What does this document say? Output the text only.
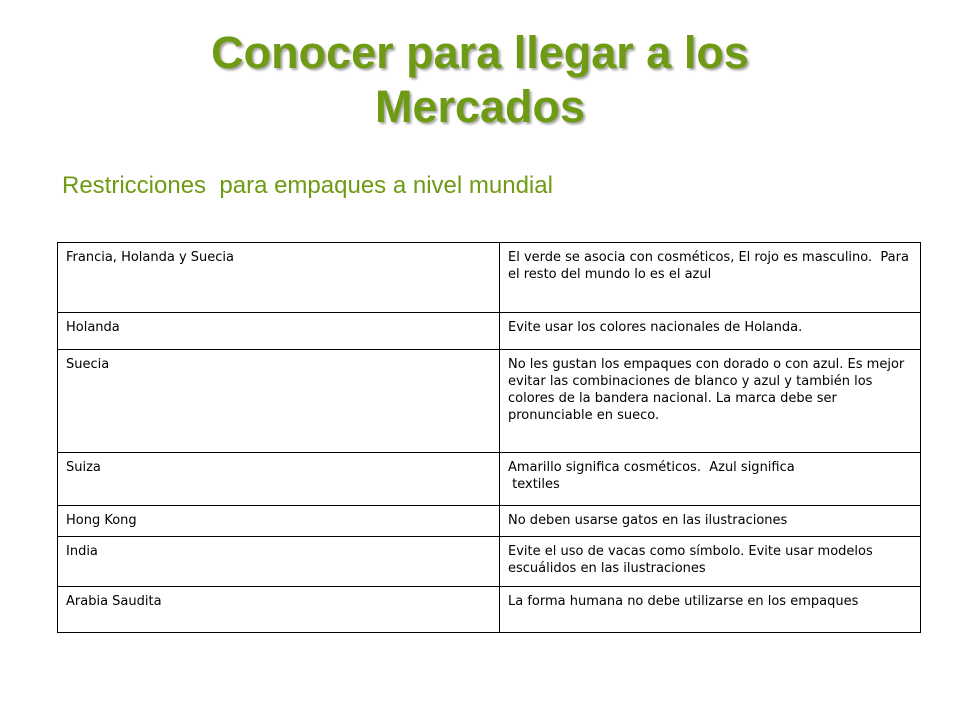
Conocer para llegar a los
Mercados

Restricciones  para empaques a nivel mundial

Francia, Holanda y Suecia	El verde se asocia con cosméticos, El rojo es masculino.  Para el resto del mundo lo es el azul
Holanda	Evite usar los colores nacionales de Holanda.
Suecia	No les gustan los empaques con dorado o con azul. Es mejor evitar las combinaciones de blanco y azul y también los colores de la bandera nacional. La marca debe ser pronunciable en sueco.
Suiza	Amarillo significa cosméticos.  Azul significa
textiles
Hong Kong	No deben usarse gatos en las ilustraciones
India	Evite el uso de vacas como símbolo. Evite usar modelos escuálidos en las ilustraciones
Arabia Saudita	La forma humana no debe utilizarse en los empaques
